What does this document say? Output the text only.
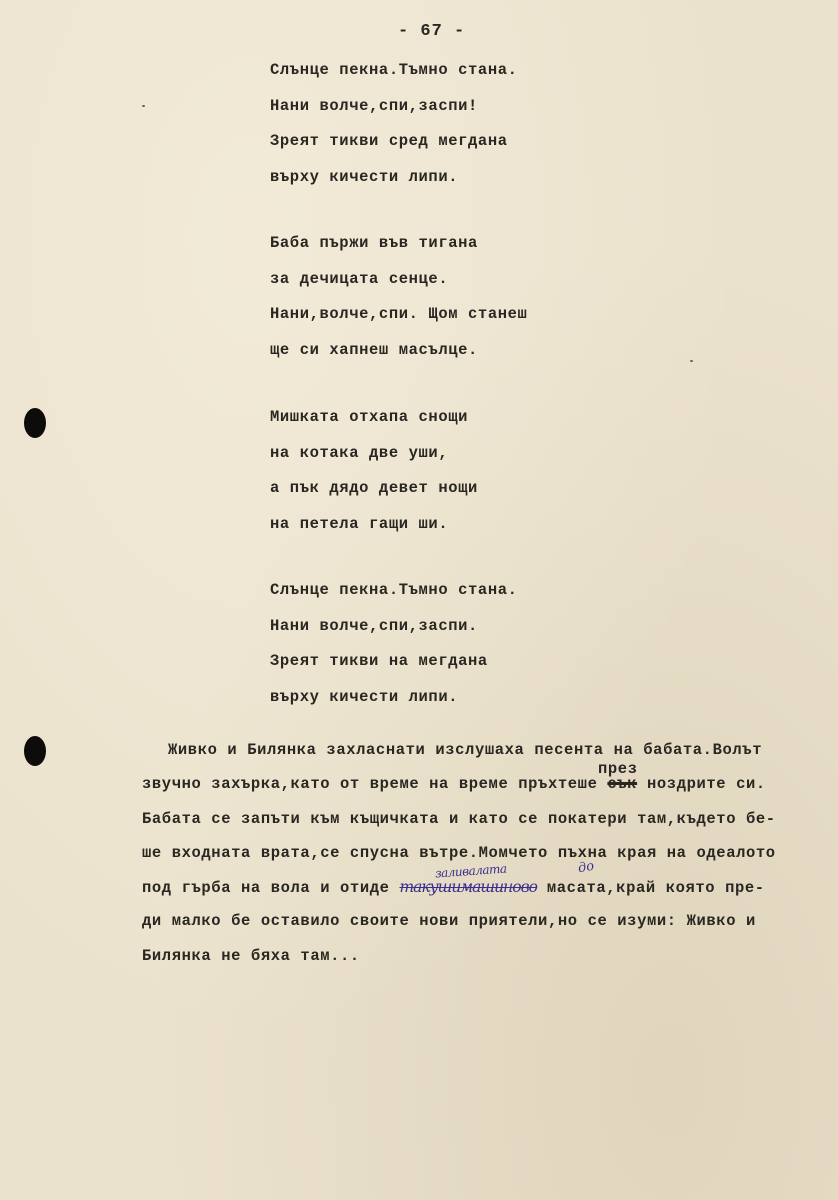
- 67 -
Слънце пекна.Тъмно стана.
Нани волче,спи,заспи!
Зреят тикви сред мегдана
върху кичести липи.
Баба пържи във тигана
за дечицата сенце.
Нани,волче,спи. Щом станеш
ще си хапнеш масълце.
Мишката отхапа снощи
на котака две уши,
а пък дядо девет нощи
на петела гащи ши.
Слънце пекна.Тъмно стана.
Нани волче,спи,заспи.
Зреят тикви на мегдана
върху кичести липи.
през
заливалата	до
Живко и Билянка захласнати изслушаха песента на бабата.Волът
звучно захърка,като от време на време пръхтеше сък ноздрите си.
Бабата се запъти към къщичката и като се покатери там,където бе-
ше входната врата,се спусна вътре.Момчето пъхна края на одеалото
под гърба на вола и отиде такушимашиново масата,край която пре-
ди малко бе оставило своите нови приятели,но се изуми: Живко и
Билянка не бяха там...
